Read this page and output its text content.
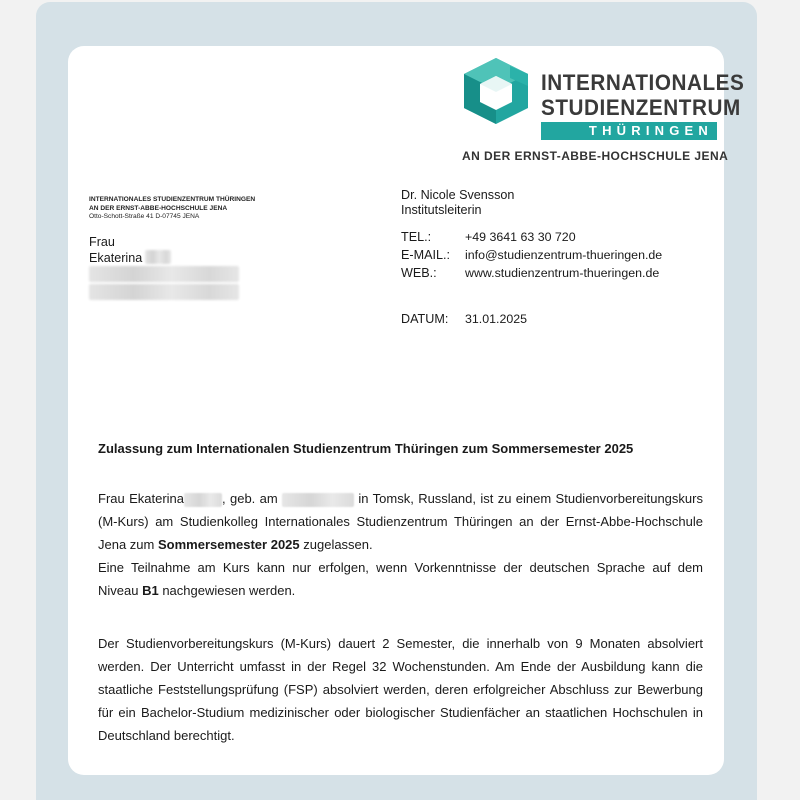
INTERNATIONALES
STUDIENZENTRUM
THÜRINGEN
AN DER ERNST-ABBE-HOCHSCHULE JENA
INTERNATIONALES STUDIENZENTRUM THÜRINGEN
AN DER ERNST-ABBE-HOCHSCHULE JENA
Otto-Schott-Straße 41 D-07745 JENA
Frau
Ekaterina
Dr. Nicole Svensson
Institutsleiterin
TEL.:	+49 3641 63 30 720
E-MAIL.: info@studienzentrum-thueringen.de
WEB.: www.studienzentrum-thueringen.de
DATUM: 31.01.2025
Zulassung zum Internationalen Studienzentrum Thüringen zum Sommersemester 2025
Frau Ekaterina	, geb. am	in Tomsk, Russland, ist zu einem Studienvorbereitungskurs
(M-Kurs) am Studienkolleg Internationales Studienzentrum Thüringen an der Ernst-Abbe-Hochschule
Jena zum Sommersemester 2025 zugelassen.
Eine Teilnahme am Kurs kann nur erfolgen, wenn Vorkenntnisse der deutschen Sprache auf dem
Niveau B1 nachgewiesen werden.
Der Studienvorbereitungskurs (M-Kurs) dauert 2 Semester, die innerhalb von 9 Monaten absolviert
werden. Der Unterricht umfasst in der Regel 32 Wochenstunden. Am Ende der Ausbildung kann die
staatliche Feststellungsprüfung (FSP) absolviert werden, deren erfolgreicher Abschluss zur Bewerbung
für ein Bachelor-Studium medizinischer oder biologischer Studienfächer an staatlichen Hochschulen in
Deutschland berechtigt.
